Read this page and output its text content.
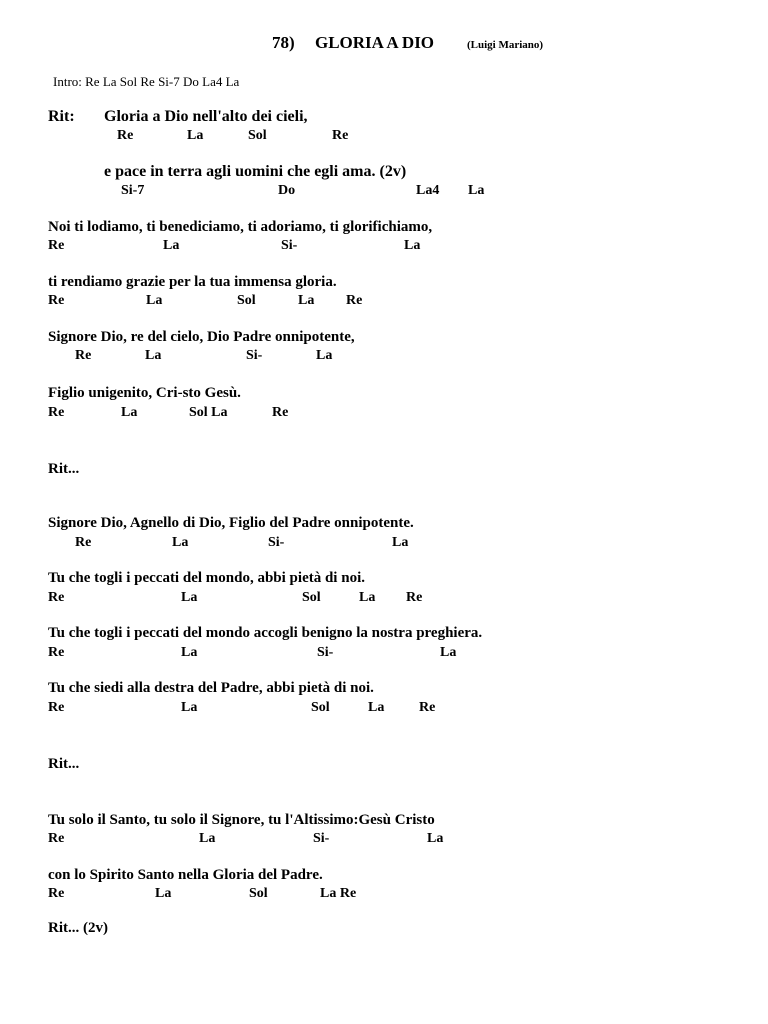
78) GLORIA A DIO	(Luigi Mariano)
Intro: Re La Sol Re Si-7 Do La4 La
Rit: Gloria a Dio nell'alto dei cieli,
Re	La	Sol	Re
e pace in terra agli uomini che egli ama. (2v)
Si-7	Do	La4 La
Noi ti lodiamo, ti benediciamo, ti adoriamo, ti glorifichiamo,
Re	La	Si-	La
ti rendiamo grazie per la tua immensa gloria.
Re	La	Sol	La Re
Signore Dio, re del cielo, Dio Padre onnipotente,
Re	La	Si-	La
Figlio unigenito, Cri-sto Gesù.
Re	La	Sol La	Re
Rit...
Signore Dio, Agnello di Dio, Figlio del Padre onnipotente.
Re	La	Si-	La
Tu che togli i peccati del mondo, abbi pietà di noi.
Re	La	Sol	La Re
Tu che togli i peccati del mondo accogli benigno la nostra preghiera.
Re	La	Si-	La
Tu che siedi alla destra del Padre, abbi pietà di noi.
Re	La	Sol	La Re
Rit...
Tu solo il Santo, tu solo il Signore, tu l'Altissimo:Gesù Cristo
Re	La	Si-	La
con lo Spirito Santo nella Gloria del Padre.
Re	La	Sol	La Re
Rit... (2v)
